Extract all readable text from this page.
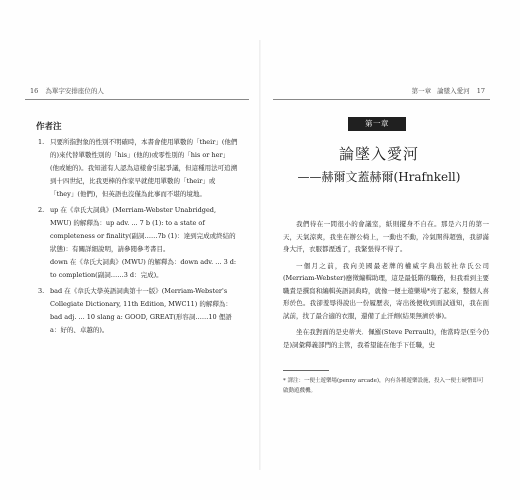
16 為單字安排座位的人
作者注
1. 只要所指對象的性別不明確時，本書會使用單數的「their」(他們的)來代替單數性別的「his」(他的)或零性別的「his or her」(他或她的)。我知道有人認為這樣會引起爭議，但這種用法可追溯到十四世紀，比我更棒的作家早就使用單數的「their」或「they」(他們)，但英語也沒僅為此事而不堪的境地。
2. up 在《韋氏大詞典》(Merriam-Webster Unabridged, MWU) 的解釋為：up adv. ... 7 b (1): to a state of completeness or finality(副詞……7b (1)：達到完成或終結的狀態)：有關詳細說明，請參閱參考書目。
down 在《韋氏大詞典》(MWU) 的解釋為：down adv. ... 3 d: to completion(副詞……3 d：完成)。
3. bad 在《韋氏大學英語詞典第十一版》(Merriam-Webster's Collegiate Dictionary, 11th Edition, MWC11) 的解釋為：bad adj. ... 10 slang a: GOOD, GREAT(形容詞……10 俚語 a：好的、卓越的)。
第一章 論墜入愛河 17
第一章
論墜入愛河
——赫爾文蓋赫爾(Hrafnkell)

我們待在一間很小的會議室，紙則擺身不自在。那是六月的第一天，天氣涼爽，我坐在辦公椅上，一動也不動，冷氣開得超強，我卻滿身大汗，衣服都溼透了，我緊張得不得了。

一個月之前，我向美國最老牌的權威字典出版社韋氏公司(Merriam-Webster)應徵編輯助理，這是最低階的職務，但我看到主要職責是撰寫和編輯英語詞典時，就像一便士遊樂場*亮了起來，整個人喜形於色。我卻羞辱得說出一份履歷表，寄出後便收到面試通知，我在面試前，找了最合適的衣服，還備了止汗劑(結果無濟於事)。

坐在我對面的是史蒂夫．佩羅(Steve Perrault)，他當時是(至今仍是)詞彙釋義部門的主管，我希望能在他手下任職，史

* 譯注：一便士遊樂場(penny arcade)，內有各種遊樂設施，投入一便士硬幣即可啟動遊戲機。
